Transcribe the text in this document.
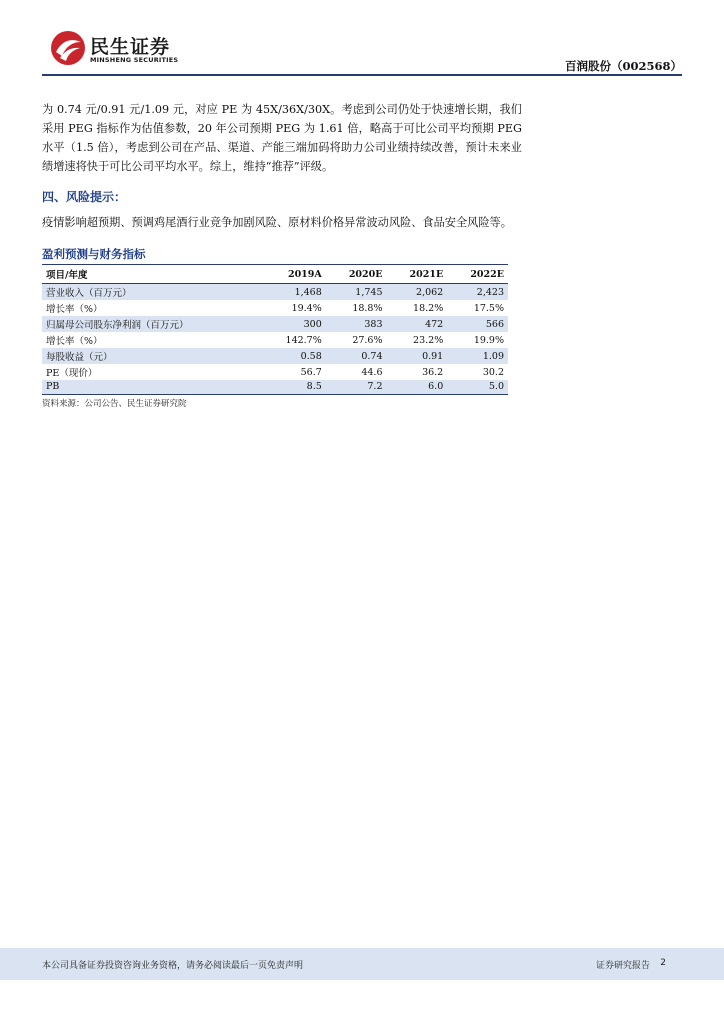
民生证券
MINSHENG SECURITIES	百润股份（002568）

为 0.74 元/0.91 元/1.09 元，对应 PE 为 45X/36X/30X。考虑到公司仍处于快速增长期，我们采用 PEG 指标作为估值参数，20 年公司预期 PEG 为 1.61 倍，略高于可比公司平均预期 PEG 水平（1.5 倍），考虑到公司在产品、渠道、产能三端加码将助力公司业绩持续改善，预计未来业绩增速将快于可比公司平均水平。综上，维持“推荐”评级。

四、风险提示：

疫情影响超预期、预调鸡尾酒行业竞争加剧风险、原材料价格异常波动风险、食品安全风险等。

盈利预测与财务指标
项目/年度	2019A	2020E	2021E	2022E
营业收入（百万元）	1,468	1,745	2,062	2,423
增长率（%）	19.4%	18.8%	18.2%	17.5%
归属母公司股东净利润（百万元）	300	383	472	566
增长率（%）	142.7%	27.6%	23.2%	19.9%
每股收益（元）	0.58	0.74	0.91	1.09
PE（现价）	56.7	44.6	36.2	30.2
PB	8.5	7.2	6.0	5.0
资料来源：公司公告、民生证券研究院
本公司具备证券投资咨询业务资格，请务必阅读最后一页免责声明	证券研究报告 2
